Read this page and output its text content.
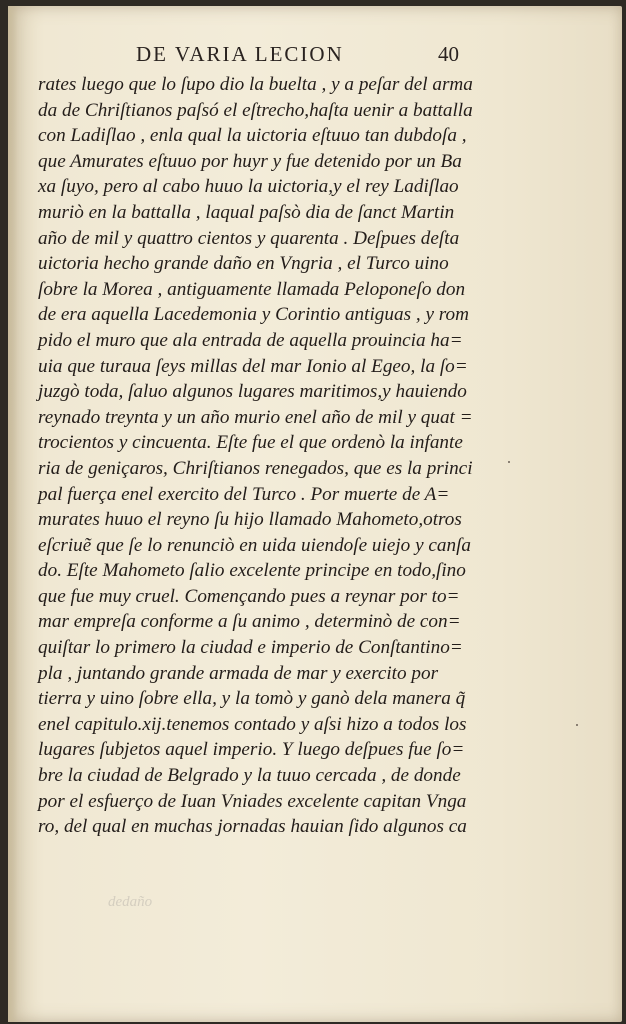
DE VARIA LECION	40
rates luego que lo ſupo dio la buelta , y a peſar del arma
da de Chriſtianos paſsó el eſtrecho,haſta uenir a battalla
con Ladiſlao , enla qual la uictoria eſtuuo tan dubdoſa ,
que Amurates eſtuuo por huyr y fue detenido por un Ba
xa ſuyo, pero al cabo huuo la uictoria,y el rey Ladiſlao
muriò en la battalla , laqual paſsò dia de ſanct Martin
año de mil y quattro cientos y quarenta . Deſpues deſta
uictoria hecho grande daño en Vngria , el Turco uino
ſobre la Morea , antiguamente llamada Peloponeſo don
de era aquella Lacedemonia y Corintio antiguas , y rom
pido el muro que ala entrada de aquella prouincia ha=
uia que turaua ſeys millas del mar Ionio al Egeo, la ſo=
juzgò toda, ſaluo algunos lugares maritimos,y hauiendo
reynado treynta y un año murio enel año de mil y quat =
trocientos y cincuenta. Eſte fue el que ordenò la infante
ria de geniçaros, Chriſtianos renegados, que es la princi
pal fuerça enel exercito del Turco . Por muerte de A=
murates huuo el reyno ſu hijo llamado Mahometo,otros
eſcriuẽ que ſe lo renunciò en uida uiendoſe uiejo y canſa
do. Eſte Mahometo ſalio excelente principe en todo,ſino
que fue muy cruel. Començando pues a reynar por to=
mar empreſa conforme a ſu animo , determinò de con=
quiſtar lo primero la ciudad e imperio de Conſtantino=
pla , juntando grande armada de mar y exercito por
tierra y uino ſobre ella, y la tomò y ganò dela manera q̃
enel capitulo.xij.tenemos contado y aſsi hizo a todos los
lugares ſubjetos aquel imperio. Y luego deſpues fue ſo=
bre la ciudad de Belgrado y la tuuo cercada , de donde
por el esfuerço de Iuan Vniades excelente capitan Vnga
ro, del qual en muchas jornadas hauian ſido algunos ca
dedaño
